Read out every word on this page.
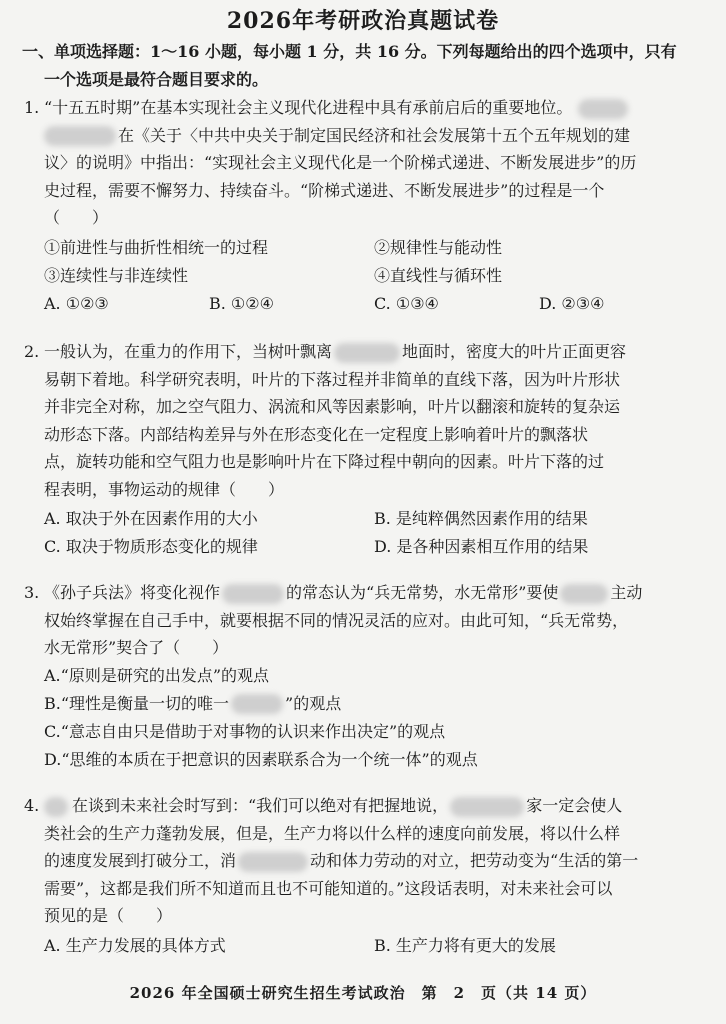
2026年考研政治真题试卷
一、单项选择题：1～16 小题，每小题 1 分，共 16 分。下列每题给出的四个选项中，只有
一个选项是最符合题目要求的。
1. “十五五时期”在基本实现社会主义现代化进程中具有承前启后的重要地位。

在《关于〈中共中央关于制定国民经济和社会发展第十五个五年规划的建

议〉的说明》中指出：“实现社会主义现代化是一个阶梯式递进、不断发展进步”的历

史过程，需要不懈努力、持续奋斗。“阶梯式递进、不断发展进步”的过程是一个

（　　）

①前进性与曲折性相统一的过程	②规律性与能动性
③连续性与非连续性	④直线性与循环性
A. ①②③	B. ①②④	C. ①③④	D. ②③④
2. 一般认为，在重力的作用下，当树叶飘离	地面时，密度大的叶片正面更容

易朝下着地。科学研究表明，叶片的下落过程并非简单的直线下落，因为叶片形状

并非完全对称，加之空气阻力、涡流和风等因素影响，叶片以翻滚和旋转的复杂运

动形态下落。内部结构差异与外在形态变化在一定程度上影响着叶片的飘落状

点，旋转功能和空气阻力也是影响叶片在下降过程中朝向的因素。叶片下落的过

程表明，事物运动的规律（　　）

A. 取决于外在因素作用的大小	B. 是纯粹偶然因素作用的结果
C. 取决于物质形态变化的规律	D. 是各种因素相互作用的结果
3. 《孙子兵法》将变化视作	的常态认为“兵无常势，水无常形”要使	主动

权始终掌握在自己手中，就要根据不同的情况灵活的应对。由此可知，“兵无常势，

水无常形”契合了（　　）

A.“原则是研究的出发点”的观点
B.“理性是衡量一切的唯一	”的观点
C.“意志自由只是借助于对事物的认识来作出决定”的观点
D.“思维的本质在于把意识的因素联系合为一个统一体”的观点
4.	在谈到未来社会时写到：“我们可以绝对有把握地说，	家一定会使人

类社会的生产力蓬勃发展，但是，生产力将以什么样的速度向前发展，将以什么样

的速度发展到打破分工，消	动和体力劳动的对立，把劳动变为“生活的第一

需要”，这都是我们所不知道而且也不可能知道的。”这段话表明，对未来社会可以

预见的是（　　）

A. 生产力发展的具体方式	B. 生产力将有更大的发展
2026 年全国硕士研究生招生考试政治　第　2　页（共 14 页）
